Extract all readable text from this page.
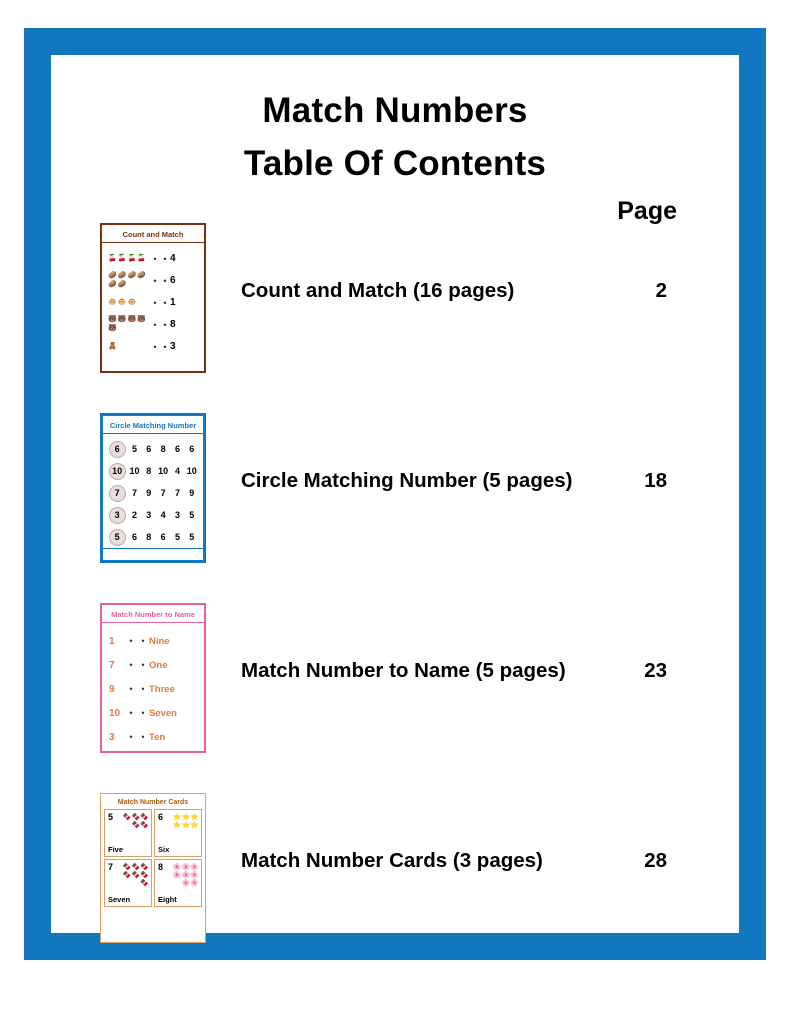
Match Numbers
Table Of Contents
Page
Count and Match
🍒 🍒 🍒 🍒 • • 4
🥔 🥔 🥔 🥔
🥔 🥔	• • 6
🐵 🐵 🐵	• • 1
🐻 🐻 🐻 🐻
🐻	• • 8
🧸	• • 3
Count and Match (16 pages)	2
Circle Matching Number
6	5	6	8	6	6
10 10 8 10 4 10
7	7	9	7	7	9
3	2	3	4	3	5
5	6	8	6	5	5
Circle Matching Number (5 pages)	18
Match Number to Name
1	• • Nine
7	• • One
9	• • Three
10	• • Seven
3	• • Ten
Match Number to Name (5 pages)	23
Match Number Cards
5	🍫 🍫 🍫
🍫 🍫
Five
6	⭐ ⭐ ⭐
⭐ ⭐ ⭐
Six
7	🍫 🍫 🍫
🍫 🍫 🍫
🍫
Seven
8	🌸 🌸 🌸
🌸 🌸 🌸
🌸 🌸
Eight
Match Number Cards (3 pages)	28
